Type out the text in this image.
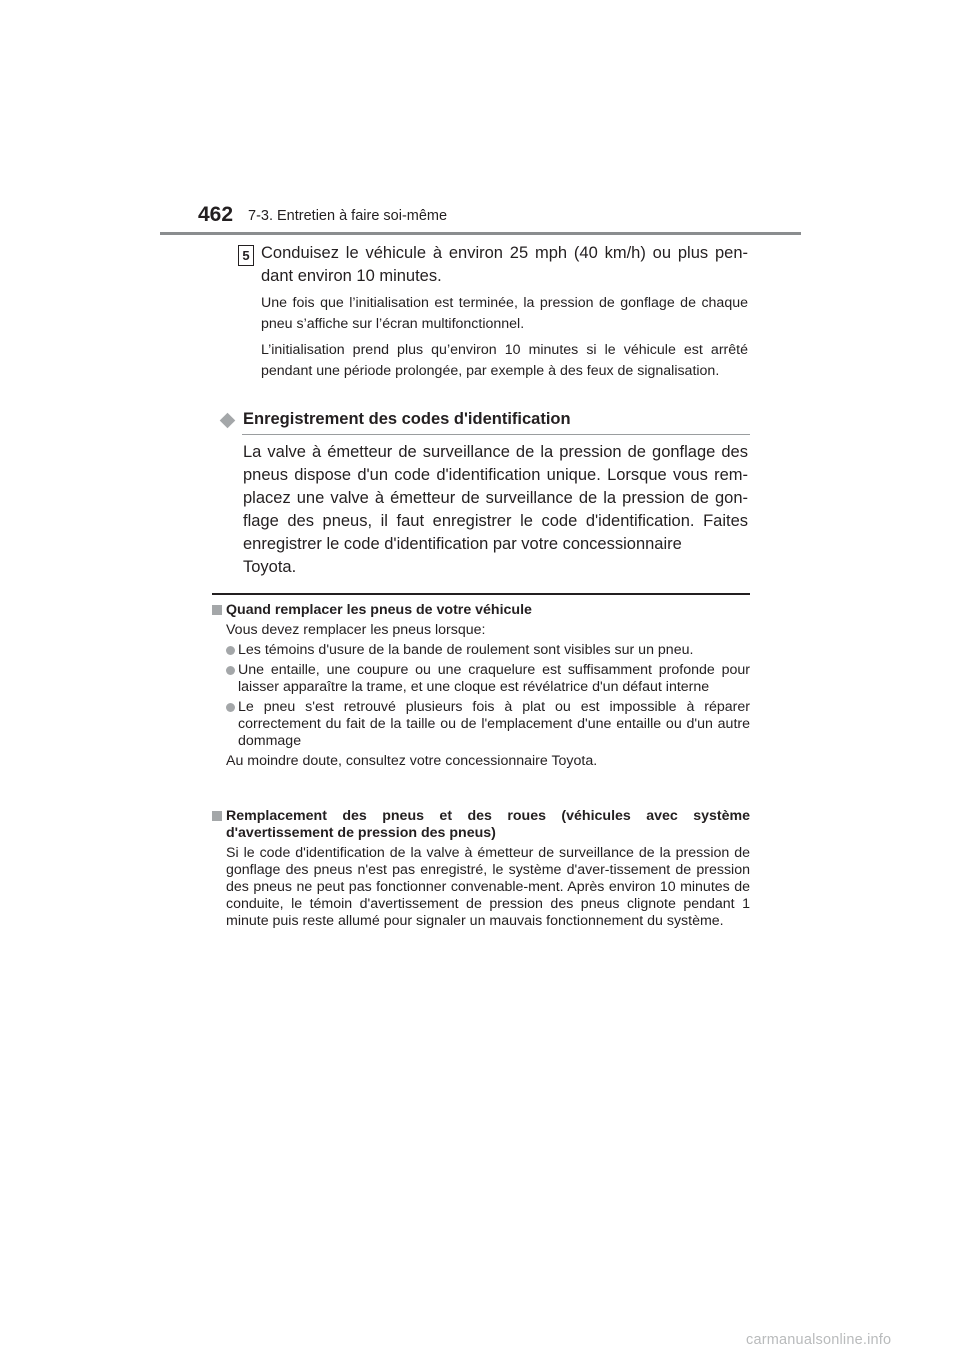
462 7-3. Entretien à faire soi-même
5 Conduisez le véhicule à environ 25 mph (40 km/h) ou plus pen-dant environ 10 minutes.
Une fois que l’initialisation est terminée, la pression de gonflage de chaque pneu s’affiche sur l’écran multifonctionnel.
L’initialisation prend plus qu’environ 10 minutes si le véhicule est arrêté pendant une période prolongée, par exemple à des feux de signalisation.
Enregistrement des codes d'identification
La valve à émetteur de surveillance de la pression de gonflage des pneus dispose d'un code d'identification unique. Lorsque vous rem-placez une valve à émetteur de surveillance de la pression de gon-flage des pneus, il faut enregistrer le code d'identification. Faites enregistrer le code d'identification par votre concessionnaire
Toyota.
Quand remplacer les pneus de votre véhicule
Vous devez remplacer les pneus lorsque:
Les témoins d'usure de la bande de roulement sont visibles sur un pneu.
Une entaille, une coupure ou une craquelure est suffisamment profonde pour laisser apparaître la trame, et une cloque est révélatrice d'un défaut interne
Le pneu s'est retrouvé plusieurs fois à plat ou est impossible à réparer correctement du fait de la taille ou de l'emplacement d'une entaille ou d'un autre dommage
Au moindre doute, consultez votre concessionnaire Toyota.
Remplacement des pneus et des roues (véhicules avec système d'avertissement de pression des pneus)
Si le code d'identification de la valve à émetteur de surveillance de la pression de gonflage des pneus n'est pas enregistré, le système d'aver-tissement de pression des pneus ne peut pas fonctionner convenable-ment. Après environ 10 minutes de conduite, le témoin d'avertissement de pression des pneus clignote pendant 1 minute puis reste allumé pour signaler un mauvais fonctionnement du système.
carmanualsonline.info
